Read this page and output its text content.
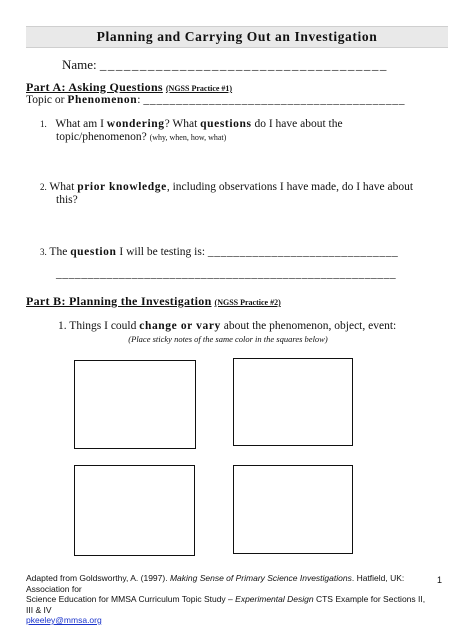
Planning and Carrying Out an Investigation
Name: ____________________________________
Part A: Asking Questions (NGSS Practice #1)
Topic or Phenomenon: ________________________________________
1. What am I wondering? What questions do I have about the
topic/phenomenon? (why, when, how, what)
2. What prior knowledge, including observations I have made, do I have about
this?
3. The question I will be testing is: ______________________________
______________________________________________________
Part B: Planning the Investigation (NGSS Practice #2)
1. Things I could change or vary about the phenomenon, object, event:
(Place sticky notes of the same color in the squares below)
Adapted from Goldsworthy, A. (1997). Making Sense of Primary Science Investigations. Hatfield, UK: Association for
Science Education for MMSA Curriculum Topic Study – Experimental Design CTS Example for Sections II, III & IV
pkeeley@mmsa.org
1
